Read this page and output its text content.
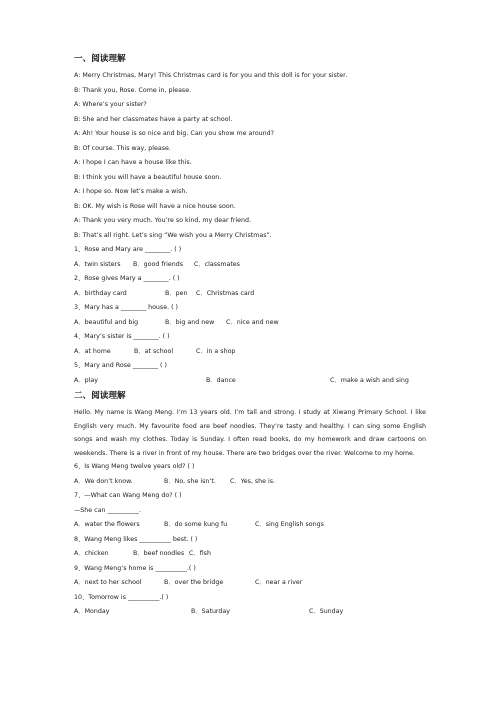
一、阅读理解
A: Merry Christmas, Mary! This Christmas card is for you and this doll is for your sister.
B: Thank you, Rose. Come in, please.
A: Where’s your sister?
B: She and her classmates have a party at school.
A: Ah! Your house is so nice and big. Can you show me around?
B: Of course. This way, please.
A: I hope I can have a house like this.
B: I think you will have a beautiful house soon.
A: I hope so. Now let’s make a wish.
B: OK. My wish is Rose will have a nice house soon.
A: Thank you very much. You’re so kind, my dear friend.
B: That’s all right. Let’s sing “We wish you a Merry Christmas”.
1、Rose and Mary are ________. ( )
A．twin sisters B．good friends C．classmates
2、Rose gives Mary a ________. ( )
A．birthday card	B．pen C．Christmas card
3、Mary has a ________ house. ( )
A．beautiful and big	B．big and new C．nice and new
4、Mary’s sister is ________. ( )
A．at home	B．at school	C．in a shop
5、Mary and Rose ________ ( )
A．play	B．dance	C．make a wish and sing
二、阅读理解

Hello. My name is Wang Meng. I’m 13 years old. I’m tall and strong. I study at Xiwang Primary School. I like English very much. My favourite food are beef noodles. They’re tasty and healthy. I can sing some English songs and wash my clothes. Today is Sunday. I often read books, do my homework and draw cartoons on weekends. There is a river in front of my house. There are two bridges over the river. Welcome to my home.

6、Is Wang Meng twelve years old? ( )
A．We don’t know.	B．No, she isn’t. C．Yes, she is.
7、—What can Wang Meng do? ( )
—She can __________.
A．water the flowers	B．do some kung fu	C．sing English songs
8、Wang Meng likes __________ best. ( )
A．chicken	B．beef noodles C．fish
9、Wang Meng’s home is __________.( )
A．next to her school	B．over the bridge	C．near a river
10、Tomorrow is __________.( )
A．Monday	B．Saturday	C．Sunday
